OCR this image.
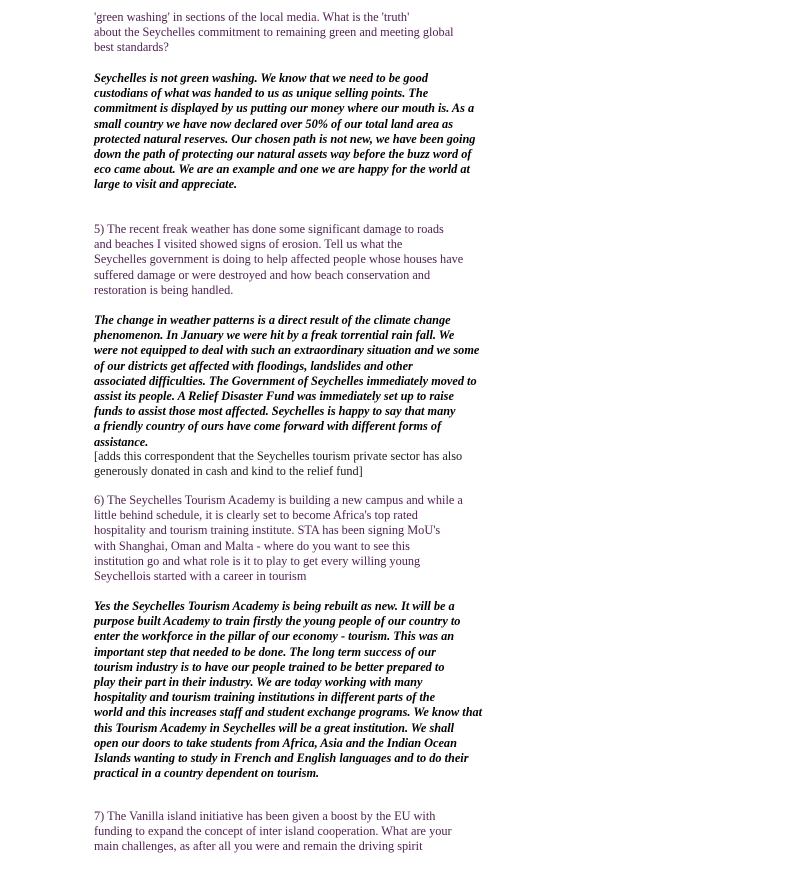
'green washing' in sections of the local media. What is the 'truth'
about the Seychelles commitment to remaining green and meeting global
best standards?
Seychelles is not green washing. We know that we need to be good
custodians of what was handed to us as unique selling points. The
commitment is displayed by us putting our money where our mouth is. As a
small country we have now declared over 50% of our total land area as
protected natural reserves. Our chosen path is not new, we have been going
down the path of protecting our natural assets way before the buzz word of
eco came about. We are an example and one we are happy for the world at
large to visit and appreciate.
5) The recent freak weather has done some significant damage to roads
and beaches I visited showed signs of erosion. Tell us what the
Seychelles government is doing to help affected people whose houses have
suffered damage or were destroyed and how beach conservation and
restoration is being handled.
The change in weather patterns is a direct result of the climate change
phenomenon. In January we were hit by a freak torrential rain fall. We
were not equipped to deal with such an extraordinary situation and we some
of our districts get affected with floodings, landslides and other
associated difficulties. The Government of Seychelles immediately moved to
assist its people. A Relief Disaster Fund was immediately set up to raise
funds to assist those most affected. Seychelles is happy to say that many
a friendly country of ours have come forward with different forms of
assistance.
[adds this correspondent that the Seychelles tourism private sector has also
generously donated in cash and kind to the relief fund]
6) The Seychelles Tourism Academy is building a new campus and while a
little behind schedule, it is clearly set to become Africa's top rated
hospitality and tourism training institute. STA has been signing MoU's
with Shanghai, Oman and Malta - where do you want to see this
institution go and what role is it to play to get every willing young
Seychellois started with a career in tourism
Yes the Seychelles Tourism Academy is being rebuilt as new. It will be a
purpose built Academy to train firstly the young people of our country to
enter the workforce in the pillar of our economy - tourism. This was an
important step that needed to be done. The long term success of our
tourism industry is to have our people trained to be better prepared to
play their part in their industry. We are today working with many
hospitality and tourism training institutions in different parts of the
world and this increases staff and student exchange programs. We know that
this Tourism Academy in Seychelles will be a great institution. We shall
open our doors to take students from Africa, Asia and the Indian Ocean
Islands wanting to study in French and English languages and to do their
practical in a country dependent on tourism.
7) The Vanilla island initiative has been given a boost by the EU with
funding to expand the concept of inter island cooperation. What are your
main challenges, as after all you were and remain the driving spirit
